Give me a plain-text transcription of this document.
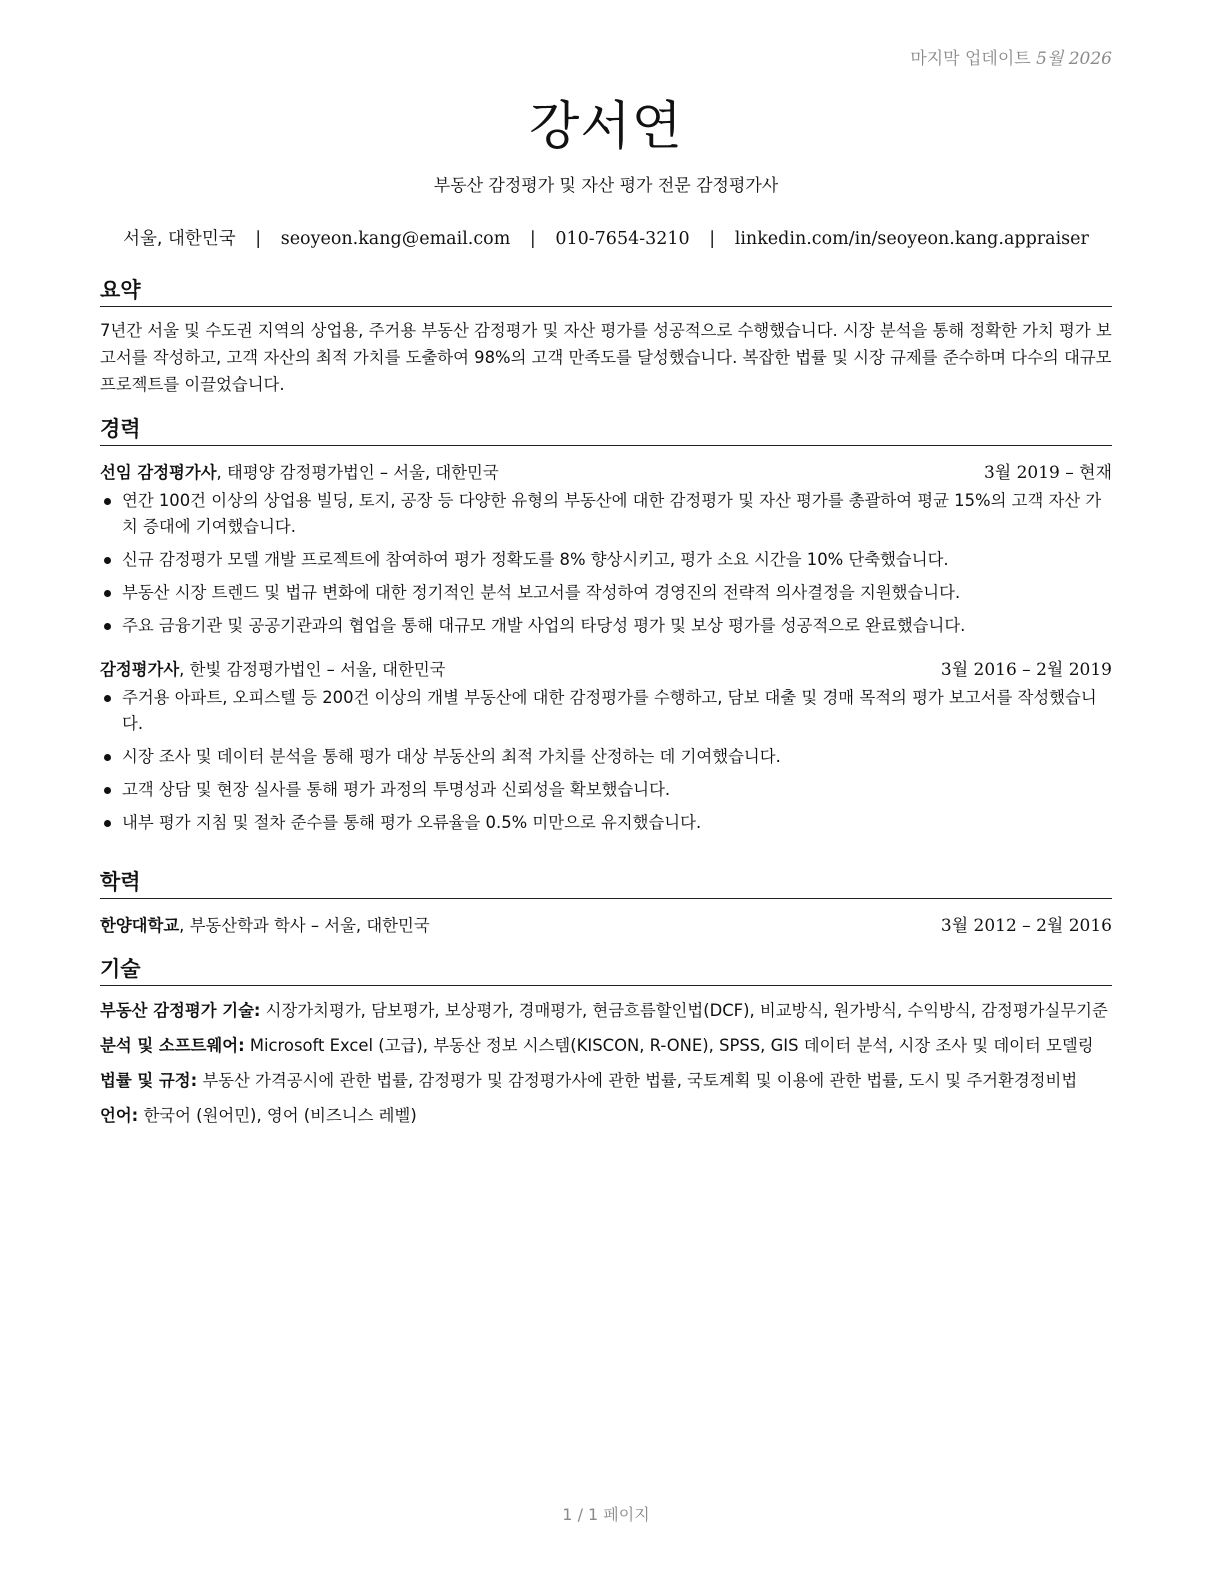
마지막 업데이트 5월 2026
강서연
부동산 감정평가 및 자산 평가 전문 감정평가사
서울, 대한민국 | seoyeon.kang@email.com | 010-7654-3210 | linkedin.com/in/seoyeon.kang.appraiser
요약

7년간 서울 및 수도권 지역의 상업용, 주거용 부동산 감정평가 및 자산 평가를 성공적으로 수행했습니다. 시장 분석을 통해 정확한 가치 평가 보고서를 작성하고, 고객 자산의 최적 가치를 도출하여 98%의 고객 만족도를 달성했습니다. 복잡한 법률 및 시장 규제를 준수하며 다수의 대규모 프로젝트를 이끌었습니다.

경력
선임 감정평가사, 태평양 감정평가법인 – 서울, 대한민국	3월 2019 – 현재
연간 100건 이상의 상업용 빌딩, 토지, 공장 등 다양한 유형의 부동산에 대한 감정평가 및 자산 평가를 총괄하여 평균 15%의 고객 자산 가치 증대에 기여했습니다.
신규 감정평가 모델 개발 프로젝트에 참여하여 평가 정확도를 8% 향상시키고, 평가 소요 시간을 10% 단축했습니다.
부동산 시장 트렌드 및 법규 변화에 대한 정기적인 분석 보고서를 작성하여 경영진의 전략적 의사결정을 지원했습니다.
주요 금융기관 및 공공기관과의 협업을 통해 대규모 개발 사업의 타당성 평가 및 보상 평가를 성공적으로 완료했습니다.
감정평가사, 한빛 감정평가법인 – 서울, 대한민국	3월 2016 – 2월 2019
주거용 아파트, 오피스텔 등 200건 이상의 개별 부동산에 대한 감정평가를 수행하고, 담보 대출 및 경매 목적의 평가 보고서를 작성했습니다.
시장 조사 및 데이터 분석을 통해 평가 대상 부동산의 최적 가치를 산정하는 데 기여했습니다.
고객 상담 및 현장 실사를 통해 평가 과정의 투명성과 신뢰성을 확보했습니다.
내부 평가 지침 및 절차 준수를 통해 평가 오류율을 0.5% 미만으로 유지했습니다.
학력
한양대학교, 부동산학과 학사 – 서울, 대한민국	3월 2012 – 2월 2016
기술
부동산 감정평가 기술: 시장가치평가, 담보평가, 보상평가, 경매평가, 현금흐름할인법(DCF), 비교방식, 원가방식, 수익방식, 감정평가실무기준
분석 및 소프트웨어: Microsoft Excel (고급), 부동산 정보 시스템(KISCON, R-ONE), SPSS, GIS 데이터 분석, 시장 조사 및 데이터 모델링
법률 및 규정: 부동산 가격공시에 관한 법률, 감정평가 및 감정평가사에 관한 법률, 국토계획 및 이용에 관한 법률, 도시 및 주거환경정비법
언어: 한국어 (원어민), 영어 (비즈니스 레벨)
1 / 1 페이지
